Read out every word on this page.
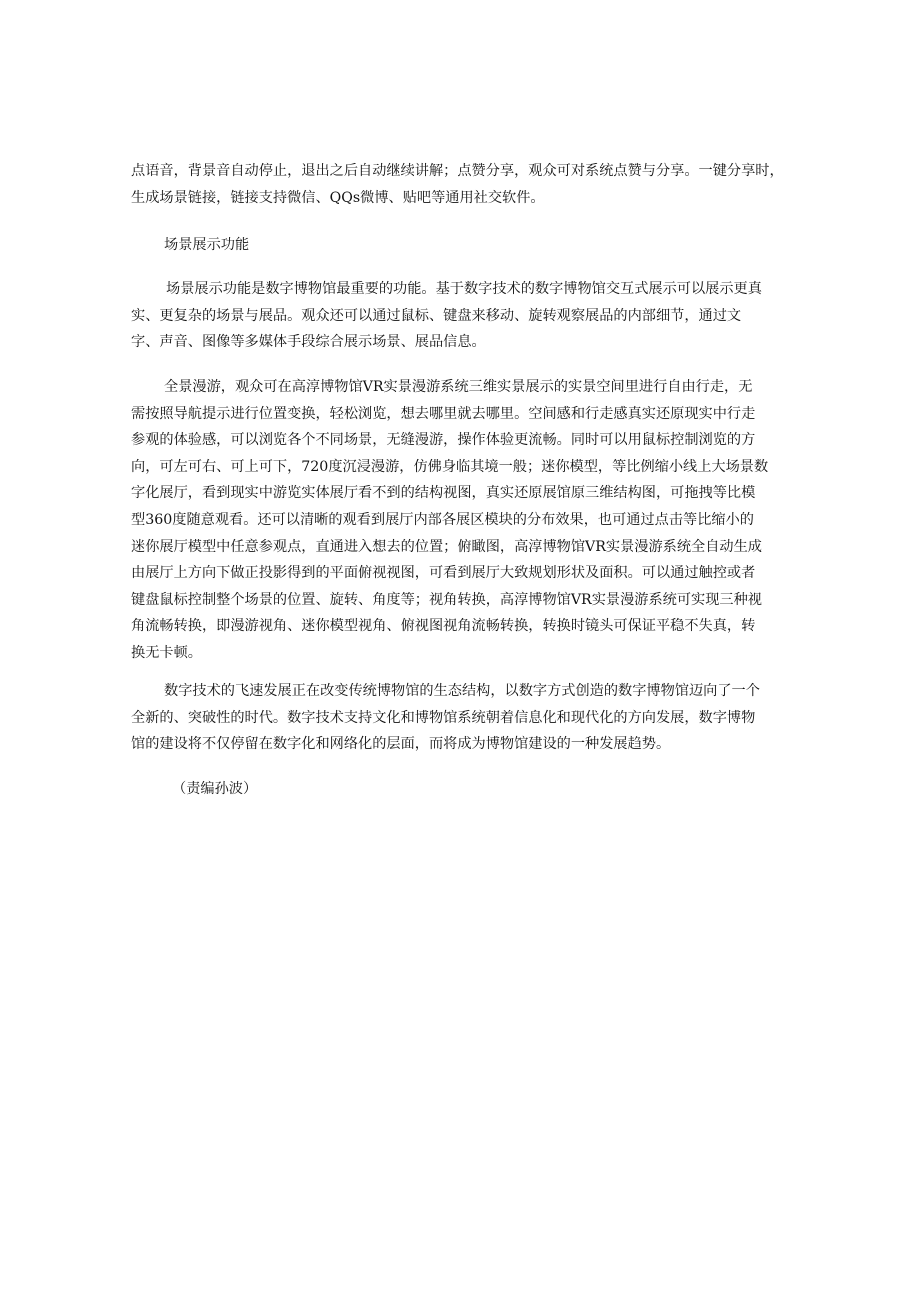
点语音，背景音自动停止，退出之后自动继续讲解；点赞分享，观众可对系统点赞与分享。一键分享时，
生成场景链接，链接支持微信、QQs微博、贴吧等通用社交软件。
场景展示功能
场景展示功能是数字博物馆最重要的功能。基于数字技术的数字博物馆交互式展示可以展示更真
实、更复杂的场景与展品。观众还可以通过鼠标、键盘来移动、旋转观察展品的内部细节，通过文
字、声音、图像等多媒体手段综合展示场景、展品信息。
全景漫游，观众可在高淳博物馆VR实景漫游系统三维实景展示的实景空间里进行自由行走，无
需按照导航提示进行位置变换，轻松浏览，想去哪里就去哪里。空间感和行走感真实还原现实中行走
参观的体验感，可以浏览各个不同场景，无缝漫游，操作体验更流畅。同时可以用鼠标控制浏览的方
向，可左可右、可上可下，720度沉浸漫游，仿佛身临其境一般；迷你模型，等比例缩小线上大场景数
字化展厅，看到现实中游览实体展厅看不到的结构视图，真实还原展馆原三维结构图，可拖拽等比模
型360度随意观看。还可以清晰的观看到展厅内部各展区模块的分布效果，也可通过点击等比缩小的
迷你展厅模型中任意参观点，直通进入想去的位置；俯瞰图，高淳博物馆VR实景漫游系统全自动生成
由展厅上方向下做正投影得到的平面俯视视图，可看到展厅大致规划形状及面积。可以通过触控或者
键盘鼠标控制整个场景的位置、旋转、角度等；视角转换，高淳博物馆VR实景漫游系统可实现三种视
角流畅转换，即漫游视角、迷你模型视角、俯视图视角流畅转换，转换时镜头可保证平稳不失真，转
换无卡顿。
数字技术的飞速发展正在改变传统博物馆的生态结构，以数字方式创造的数字博物馆迈向了一个
全新的、突破性的时代。数字技术支持文化和博物馆系统朝着信息化和现代化的方向发展，数字博物
馆的建设将不仅停留在数字化和网络化的层面，而将成为博物馆建设的一种发展趋势。
（责编孙波）
